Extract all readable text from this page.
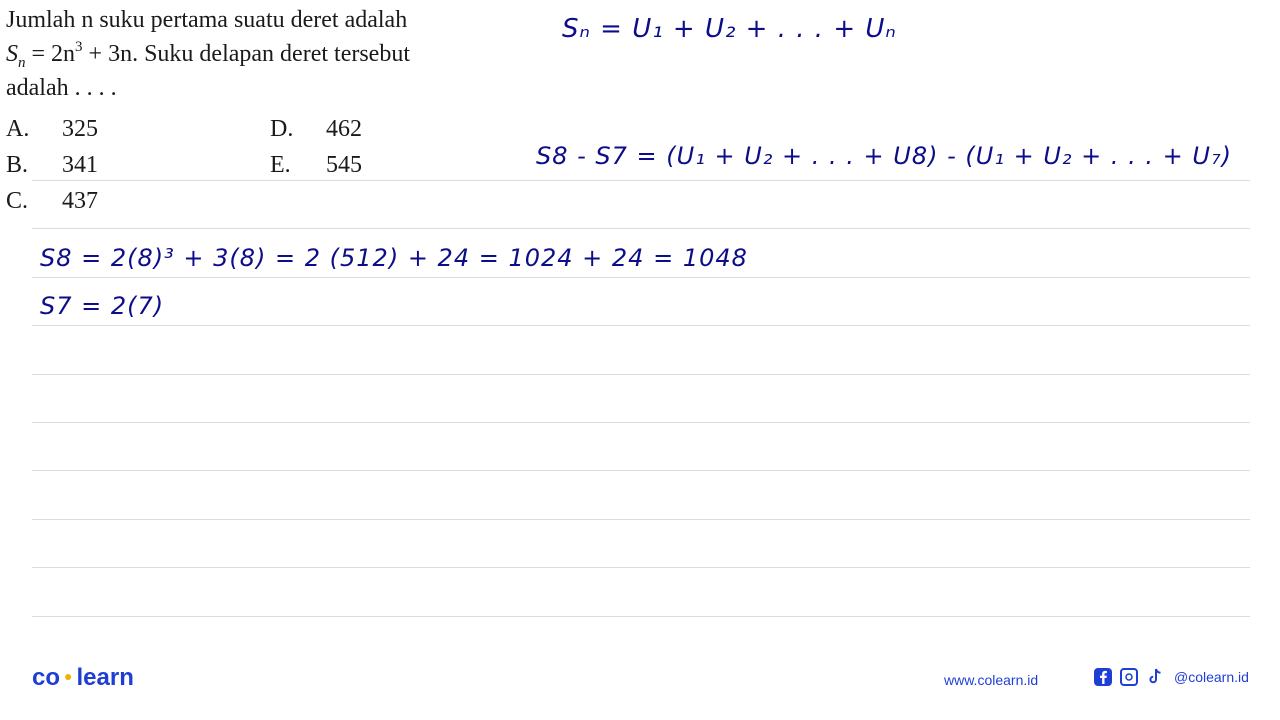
Jumlah n suku pertama suatu deret adalah
$S_n = 2n^3 + 3n$. Suku delapan deret tersebut
adalah . . . .
A. 325
B. 341
C. 437
D. 462
E. 545
Sₙ = U₁ + U₂ + . . . + Uₙ
S8 - S7 = (U₁ + U₂ + . . . + U8) - (U₁ + U₂ + . . . + U₇)
S8 = 2(8)³ + 3(8) = 2 (512) + 24 = 1024 + 24 = 1048
S7 = 2(7)
co ● learn	www.colearn.id	@colearn.id
